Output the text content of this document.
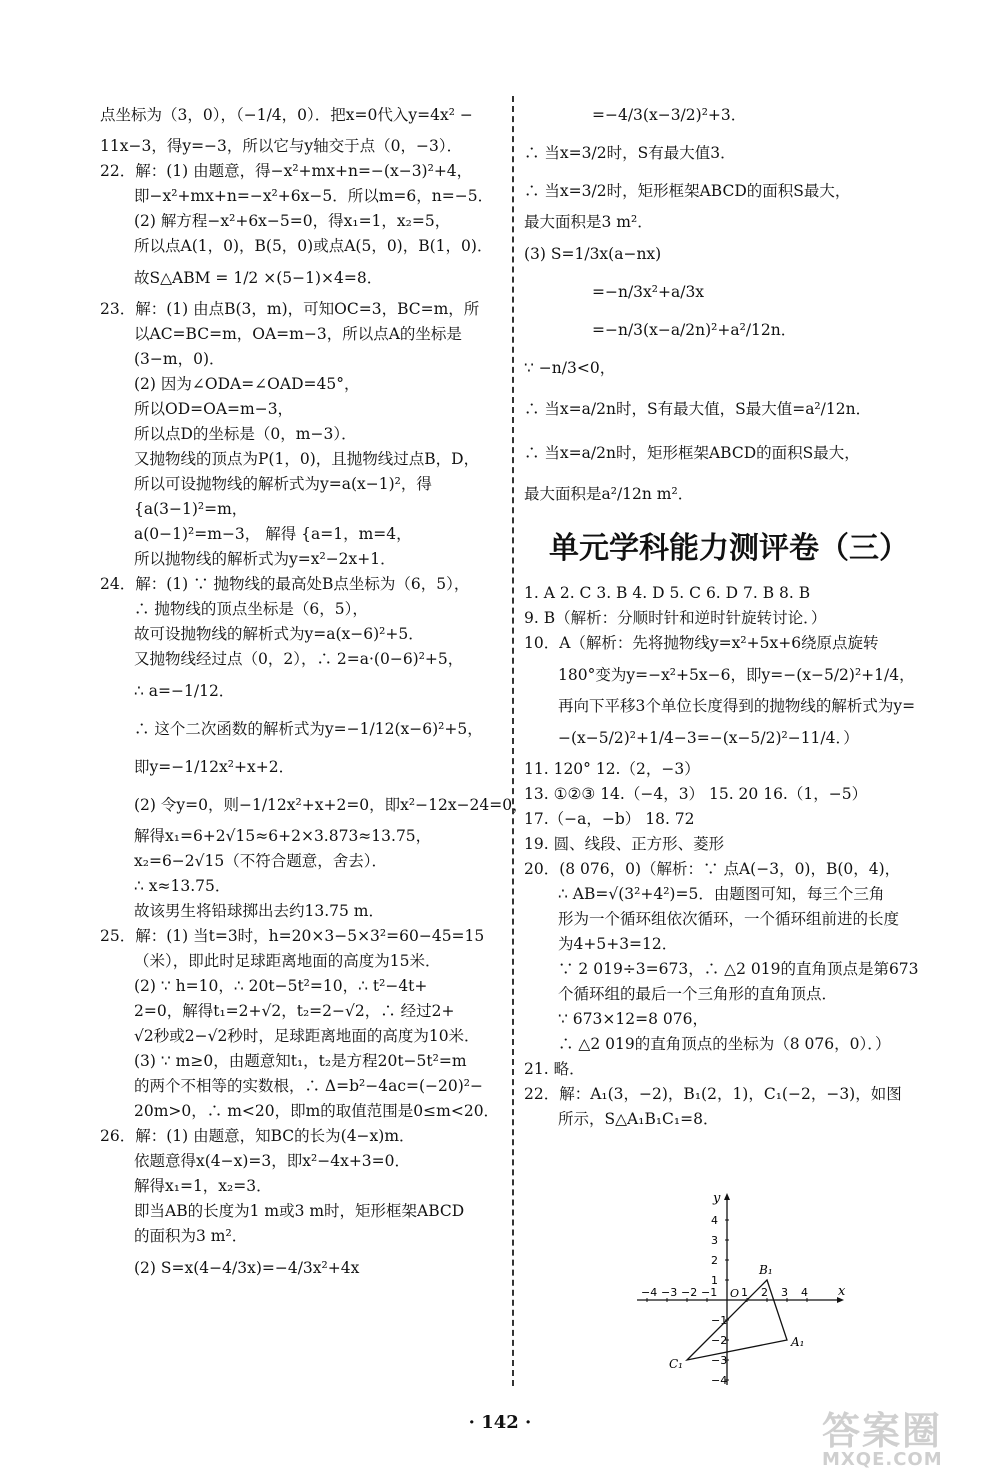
点坐标为（3，0），（−1/4，0）．把x=0代入y=4x² −
11x−3，得y=−3，所以它与y轴交于点（0，−3）．
22．解：(1) 由题意，得−x²+mx+n=−(x−3)²+4，
即−x²+mx+n=−x²+6x−5．所以m=6，n=−5．
(2) 解方程−x²+6x−5=0，得x₁=1，x₂=5，
所以点A(1，0)，B(5，0)或点A(5，0)，B(1，0)．
故S△ABM = 1/2 ×(5−1)×4=8．
23．解：(1) 由点B(3，m)，可知OC=3，BC=m，所
以AC=BC=m，OA=m−3，所以点A的坐标是
(3−m，0)．
(2) 因为∠ODA=∠OAD=45°，
所以OD=OA=m−3，
所以点D的坐标是（0，m−3）．
又抛物线的顶点为P(1，0)，且抛物线过点B，D，
所以可设抛物线的解析式为y=a(x−1)²，得
{a(3−1)²=m，
a(0−1)²=m−3， 解得 {a=1，m=4，
所以抛物线的解析式为y=x²−2x+1．
24．解：(1) ∵ 抛物线的最高处B点坐标为（6，5），
∴ 抛物线的顶点坐标是（6，5），
故可设抛物线的解析式为y=a(x−6)²+5．
又抛物线经过点（0，2），∴ 2=a·(0−6)²+5，
∴ a=−1/12．
∴ 这个二次函数的解析式为y=−1/12(x−6)²+5，
即y=−1/12x²+x+2．
(2) 令y=0，则−1/12x²+x+2=0，即x²−12x−24=0，
解得x₁=6+2√15≈6+2×3.873≈13.75，
x₂=6−2√15（不符合题意，舍去）．
∴ x≈13.75．
故该男生将铅球掷出去约13.75 m．
25．解：(1) 当t=3时，h=20×3−5×3²=60−45=15
（米），即此时足球距离地面的高度为15米．
(2) ∵ h=10，∴ 20t−5t²=10，∴ t²−4t+
2=0，解得t₁=2+√2，t₂=2−√2，∴ 经过2+
√2秒或2−√2秒时，足球距离地面的高度为10米．
(3) ∵ m≥0，由题意知t₁，t₂是方程20t−5t²=m
的两个不相等的实数根，∴ Δ=b²−4ac=(−20)²−
20m>0，∴ m<20，即m的取值范围是0≤m<20．
26．解：(1) 由题意，知BC的长为(4−x)m．
依题意得x(4−x)=3，即x²−4x+3=0．
解得x₁=1，x₂=3．
即当AB的长度为1 m或3 m时，矩形框架ABCD
的面积为3 m²．
(2) S=x(4−4/3x)=−4/3x²+4x
=−4/3(x−3/2)²+3．
∴ 当x=3/2时，S有最大值3．
∴ 当x=3/2时，矩形框架ABCD的面积S最大，
最大面积是3 m²．
(3) S=1/3x(a−nx)
=−n/3x²+a/3x
=−n/3(x−a/2n)²+a²/12n．
∵ −n/3<0，
∴ 当x=a/2n时，S有最大值，S最大值=a²/12n．
∴ 当x=a/2n时，矩形框架ABCD的面积S最大，
最大面积是a²/12n m²．
单元学科能力测评卷（三）
1. A 2. C 3. B 4. D 5. C 6. D 7. B 8. B
9. B（解析：分顺时针和逆时针旋转讨论．）
10．A（解析：先将抛物线y=x²+5x+6绕原点旋转
180°变为y=−x²+5x−6，即y=−(x−5/2)²+1/4，
再向下平移3个单位长度得到的抛物线的解析式为y=
−(x−5/2)²+1/4−3=−(x−5/2)²−11/4．）
11. 120° 12.（2，−3）
13. ①②③ 14.（−4，3） 15. 20 16.（1，−5）
17.（−a，−b） 18. 72
19. 圆、线段、正方形、菱形
20．(8 076，0)（解析：∵ 点A(−3，0)，B(0，4)，
∴ AB=√(3²+4²)=5．由题图可知，每三个三角
形为一个循环组依次循环，一个循环组前进的长度
为4+5+3=12．
∵ 2 019÷3=673，∴ △2 019的直角顶点是第673
个循环组的最后一个三角形的直角顶点．
∵ 673×12=8 076，
∴ △2 019的直角顶点的坐标为（8 076，0）．）
21. 略．
22．解：A₁(3，−2)，B₁(2，1)，C₁(−2，−3)，如图
所示，S△A₁B₁C₁=8．
x
y
O
−4 −3 −2 −1 1 2 3 4
4
3
2
1
−1
−2
−3
−4
B₁
A₁
C₁
· 142 ·	答案圈
MXQE.COM
